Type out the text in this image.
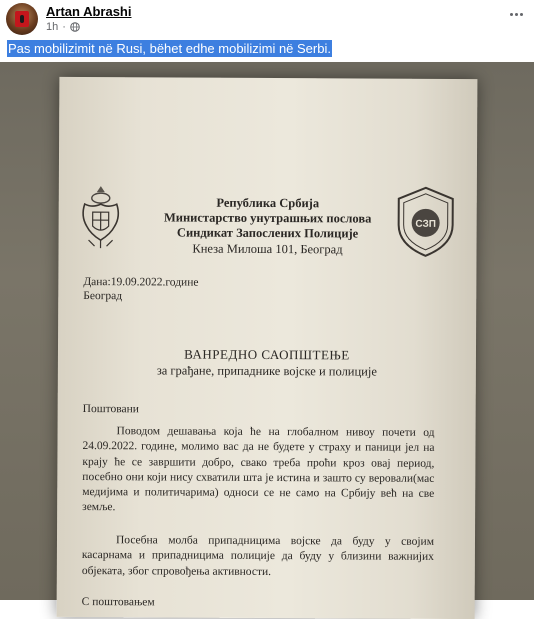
Artan Abrashi
1h ·
Pas mobilizimit në Rusi, bëhet edhe mobilizimi në Serbi.
Република Србија
Министарство унутрашњих послова
Синдикат Запослених Полиције
Кнеза Милоша 101, Београд
СЗП
Дана:19.09.2022.године
Београд
ВАНРЕДНО САОПШТЕЊЕ
за грађане, припаднике војске и полиције
Поштовани
Поводом дешавања која ће на глобалном нивоу почети од 24.09.2022. године, молимо вас да не будете у страху и паници јел на крају ће се завршити добро, свако треба проћи кроз овај период, посебно они који нису схватили шта је истина и зашто су веровали(мас медијима и политичарима) односи се не само на Србију већ на све земље.
Посебна молба припадницима војске да буду у својим касарнама и припадницима полиције да буду у близини важнијих објеката, због спровођења активности.
С поштовањем
